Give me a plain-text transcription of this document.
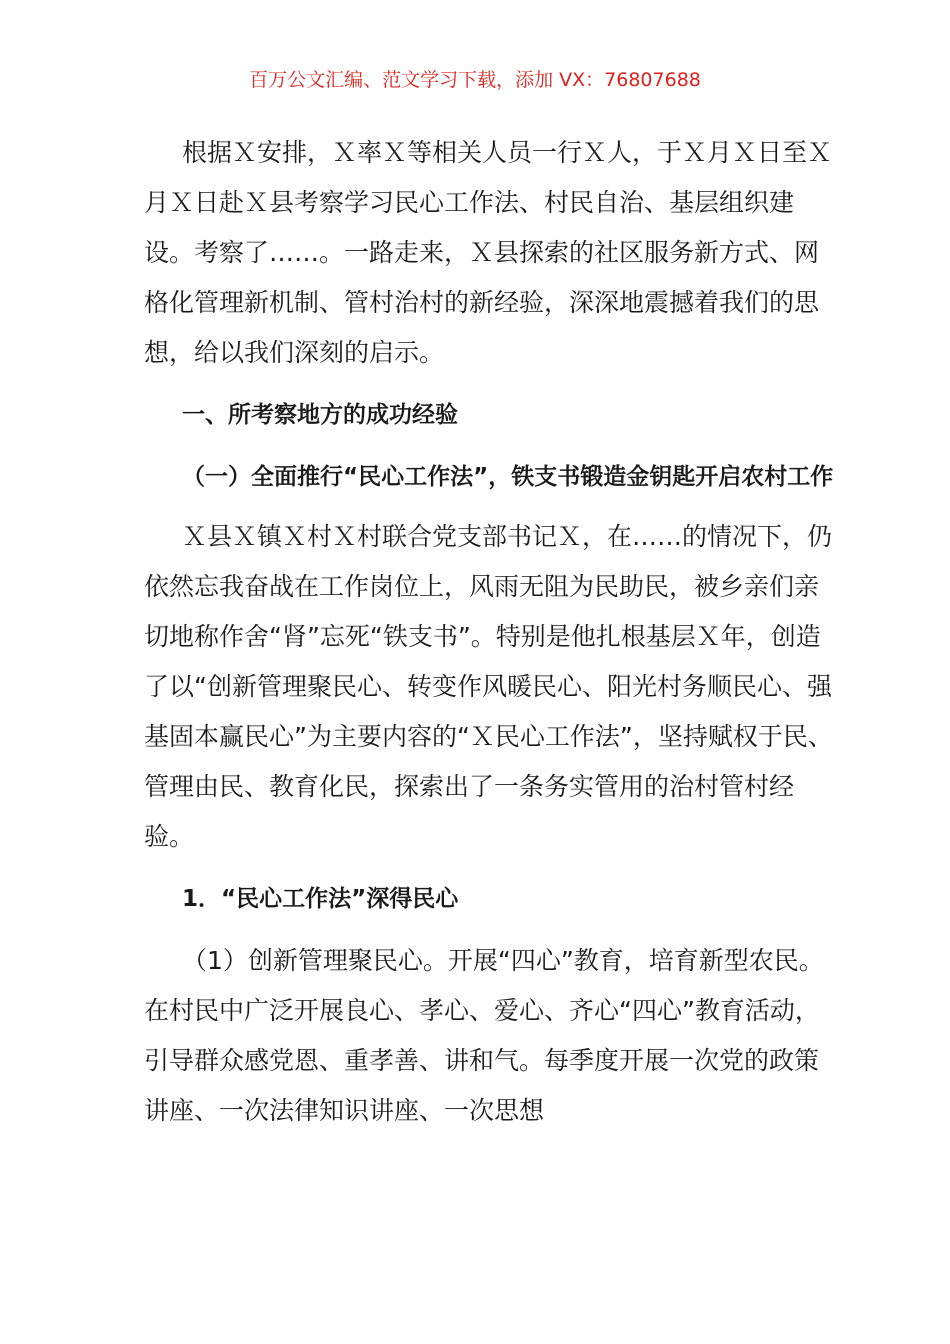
百万公文汇编、范文学习下载，添加 VX：76807688

根据Ｘ安排，Ｘ率Ｘ等相关人员一行Ｘ人，于Ｘ月Ｘ日至Ｘ月Ｘ日赴Ｘ县考察学习民心工作法、村民自治、基层组织建设。考察了……。一路走来，Ｘ县探索的社区服务新方式、网格化管理新机制、管村治村的新经验，深深地震撼着我们的思想，给以我们深刻的启示。

一、所考察地方的成功经验

（一）全面推行“民心工作法”，铁支书锻造金钥匙开启农村工作

Ｘ县Ｘ镇Ｘ村Ｘ村联合党支部书记Ｘ，在……的情况下，仍依然忘我奋战在工作岗位上，风雨无阻为民助民，被乡亲们亲切地称作舍“肾”忘死“铁支书”。特别是他扎根基层Ｘ年，创造了以“创新管理聚民心、转变作风暖民心、阳光村务顺民心、强基固本赢民心”为主要内容的“Ｘ民心工作法”，坚持赋权于民、管理由民、教育化民，探索出了一条务实管用的治村管村经验。

1．“民心工作法”深得民心

（1）创新管理聚民心。开展“四心”教育，培育新型农民。在村民中广泛开展良心、孝心、爱心、齐心“四心”教育活动，引导群众感党恩、重孝善、讲和气。每季度开展一次党的政策讲座、一次法律知识讲座、一次思想
